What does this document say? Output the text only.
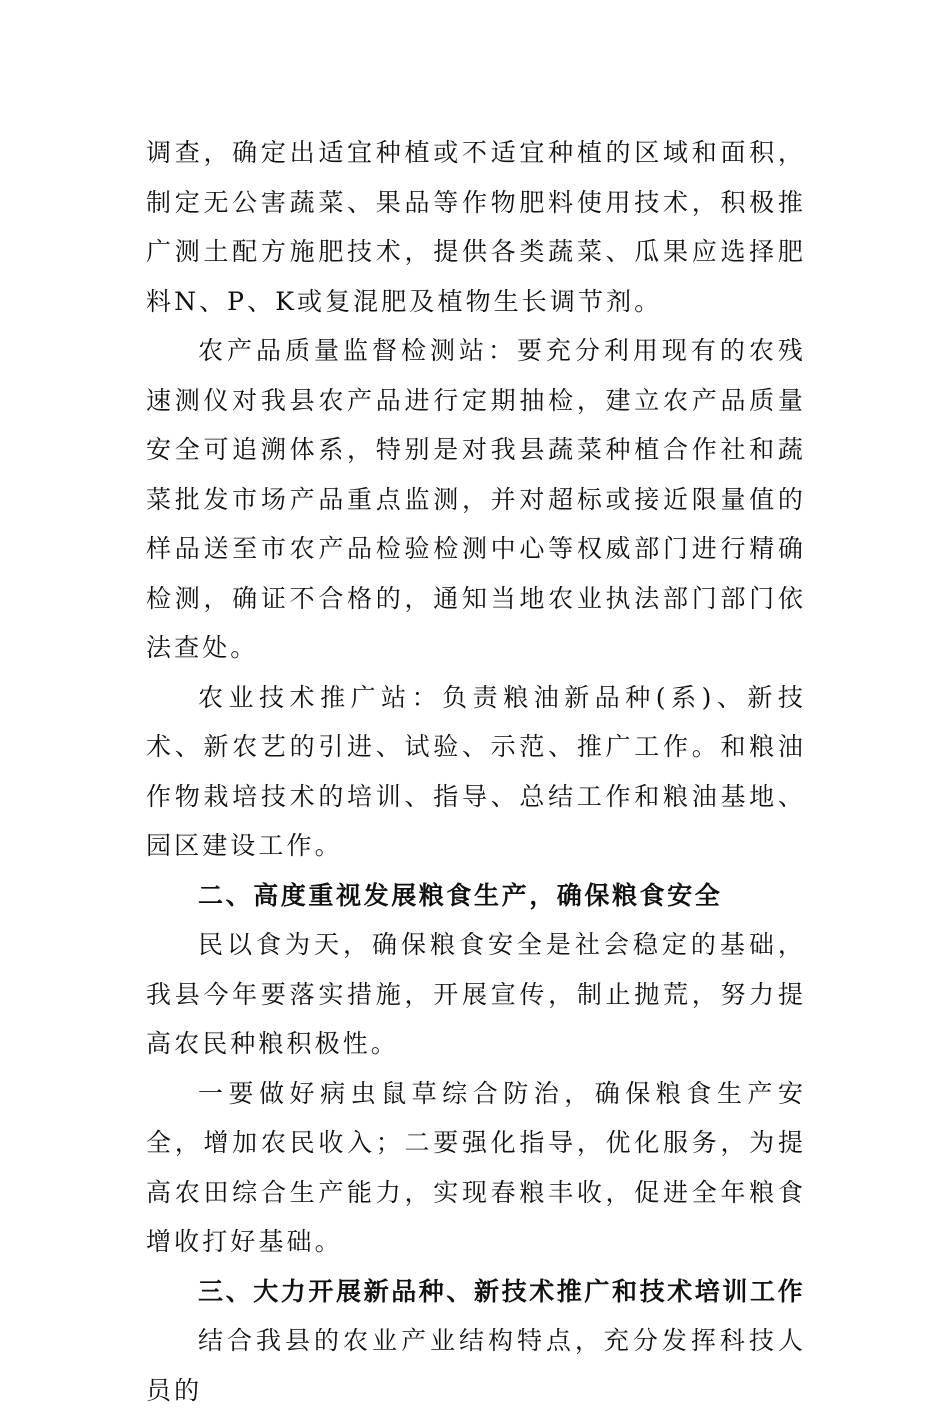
调查，确定出适宜种植或不适宜种植的区域和面积，制定无公害蔬菜、果品等作物肥料使用技术，积极推广测土配方施肥技术，提供各类蔬菜、瓜果应选择肥料N、P、K或复混肥及植物生长调节剂。

农产品质量监督检测站：要充分利用现有的农残速测仪对我县农产品进行定期抽检，建立农产品质量安全可追溯体系，特别是对我县蔬菜种植合作社和蔬菜批发市场产品重点监测，并对超标或接近限量值的样品送至市农产品检验检测中心等权威部门进行精确检测，确证不合格的，通知当地农业执法部门部门依法查处。

农业技术推广站：负责粮油新品种(系)、新技术、新农艺的引进、试验、示范、推广工作。和粮油作物栽培技术的培训、指导、总结工作和粮油基地、园区建设工作。

二、高度重视发展粮食生产，确保粮食安全

民以食为天，确保粮食安全是社会稳定的基础，我县今年要落实措施，开展宣传，制止抛荒，努力提高农民种粮积极性。

一要做好病虫鼠草综合防治，确保粮食生产安全，增加农民收入；二要强化指导，优化服务，为提高农田综合生产能力，实现春粮丰收，促进全年粮食增收打好基础。

三、大力开展新品种、新技术推广和技术培训工作

结合我县的农业产业结构特点，充分发挥科技人员的
